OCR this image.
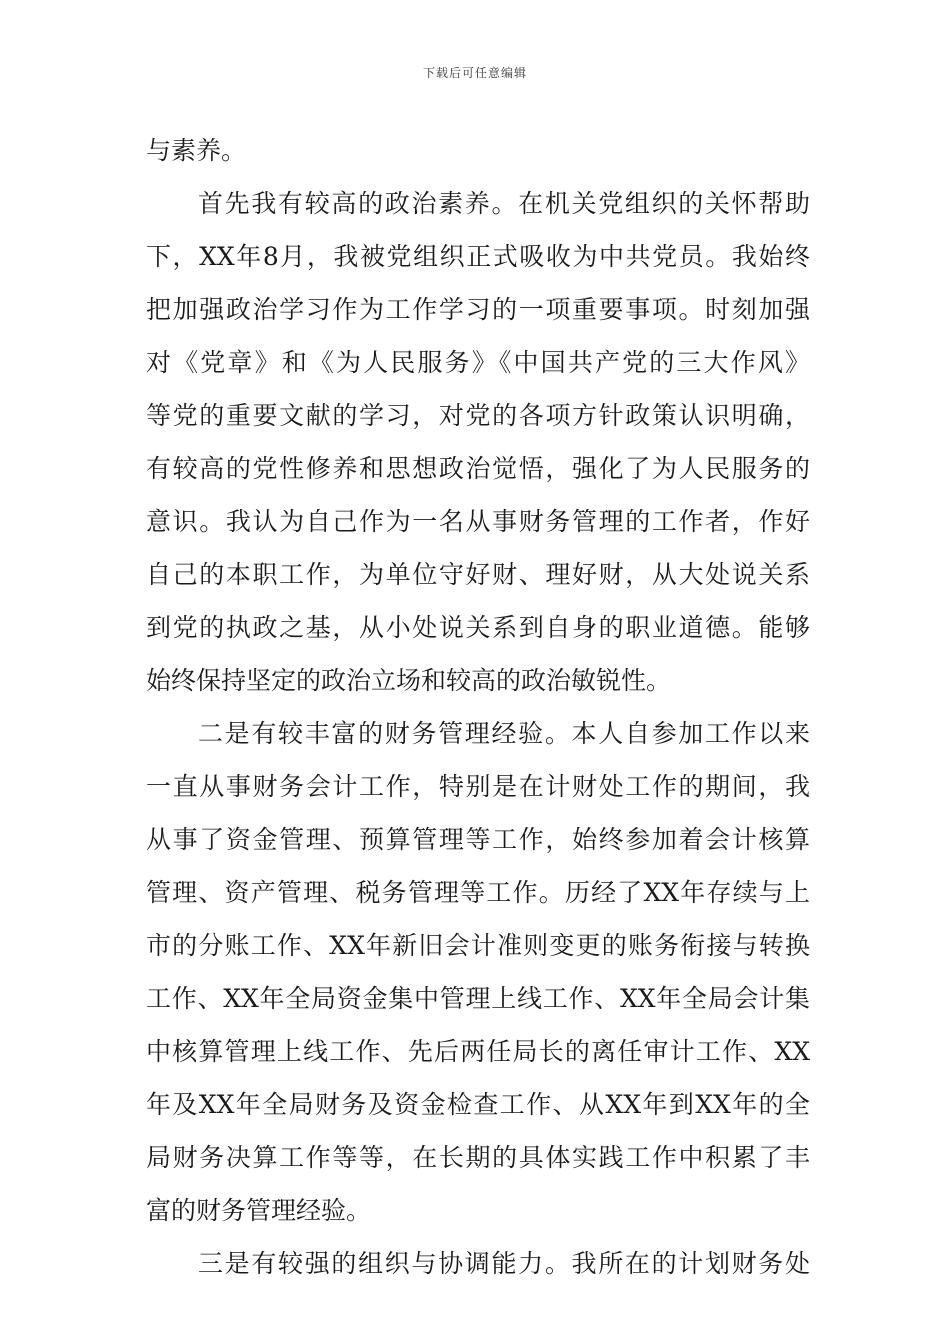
下载后可任意编辑
与素养。
首先我有较高的政治素养。在机关党组织的关怀帮助
下，XX年8月，我被党组织正式吸收为中共党员。我始终
把加强政治学习作为工作学习的一项重要事项。时刻加强
对《党章》和《为人民服务》《中国共产党的三大作风》
等党的重要文献的学习，对党的各项方针政策认识明确，
有较高的党性修养和思想政治觉悟，强化了为人民服务的
意识。我认为自己作为一名从事财务管理的工作者，作好
自己的本职工作，为单位守好财、理好财，从大处说关系
到党的执政之基，从小处说关系到自身的职业道德。能够
始终保持坚定的政治立场和较高的政治敏锐性。
二是有较丰富的财务管理经验。本人自参加工作以来
一直从事财务会计工作，特别是在计财处工作的期间，我
从事了资金管理、预算管理等工作，始终参加着会计核算
管理、资产管理、税务管理等工作。历经了XX年存续与上
市的分账工作、XX年新旧会计准则变更的账务衔接与转换
工作、XX年全局资金集中管理上线工作、XX年全局会计集
中核算管理上线工作、先后两任局长的离任审计工作、XX
年及XX年全局财务及资金检查工作、从XX年到XX年的全
局财务决算工作等等，在长期的具体实践工作中积累了丰
富的财务管理经验。
三是有较强的组织与协调能力。我所在的计划财务处
